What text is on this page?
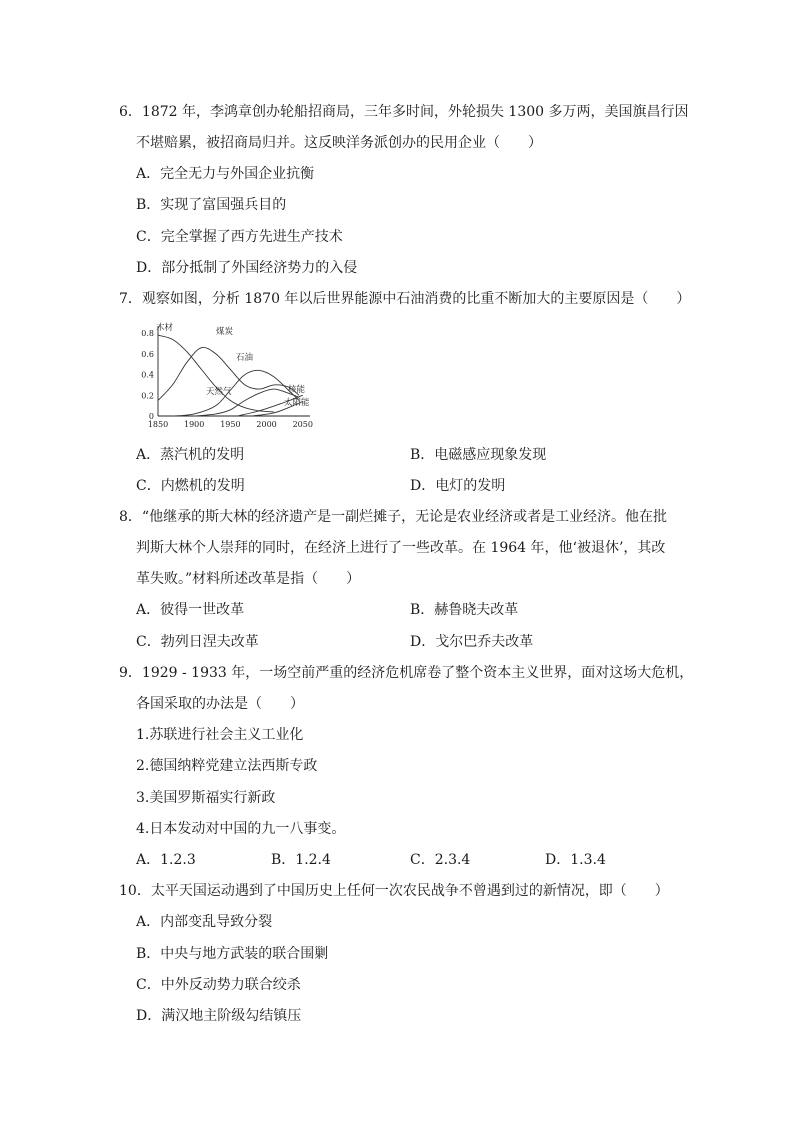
6．1872 年，李鸿章创办轮船招商局，三年多时间，外轮损失 1300 多万两，美国旗昌行因
不堪赔累，被招商局归并。这反映洋务派创办的民用企业（　　）
A．完全无力与外国企业抗衡
B．实现了富国强兵目的
C．完全掌握了西方先进生产技术
D．部分抵制了外国经济势力的入侵
7．观察如图，分析 1870 年以后世界能源中石油消费的比重不断加大的主要原因是（　　）
0
0.2
0.4
0.6
0.8
1850 1900 1950 2000 2050
木材	煤炭
石油
天然气	核能
太阳能
A．蒸汽机的发明	B．电磁感应现象发现
C．内燃机的发明	D．电灯的发明
8．“他继承的斯大林的经济遗产是一副烂摊子，无论是农业经济或者是工业经济。他在批
判斯大林个人崇拜的同时，在经济上进行了一些改革。在 1964 年，他‘被退休’，其改
革失败。”材料所述改革是指（　　）
A．彼得一世改革	B．赫鲁晓夫改革
C．勃列日涅夫改革	D．戈尔巴乔夫改革
9．1929 - 1933 年，一场空前严重的经济危机席卷了整个资本主义世界，面对这场大危机，
各国采取的办法是（　　）
1.苏联进行社会主义工业化
2.德国纳粹党建立法西斯专政
3.美国罗斯福实行新政
4.日本发动对中国的九一八事变。
A．1.2.3	B．1.2.4	C．2.3.4	D．1.3.4
10．太平天国运动遇到了中国历史上任何一次农民战争不曾遇到过的新情况，即（　　）
A．内部变乱导致分裂
B．中央与地方武装的联合围剿
C．中外反动势力联合绞杀
D．满汉地主阶级勾结镇压
